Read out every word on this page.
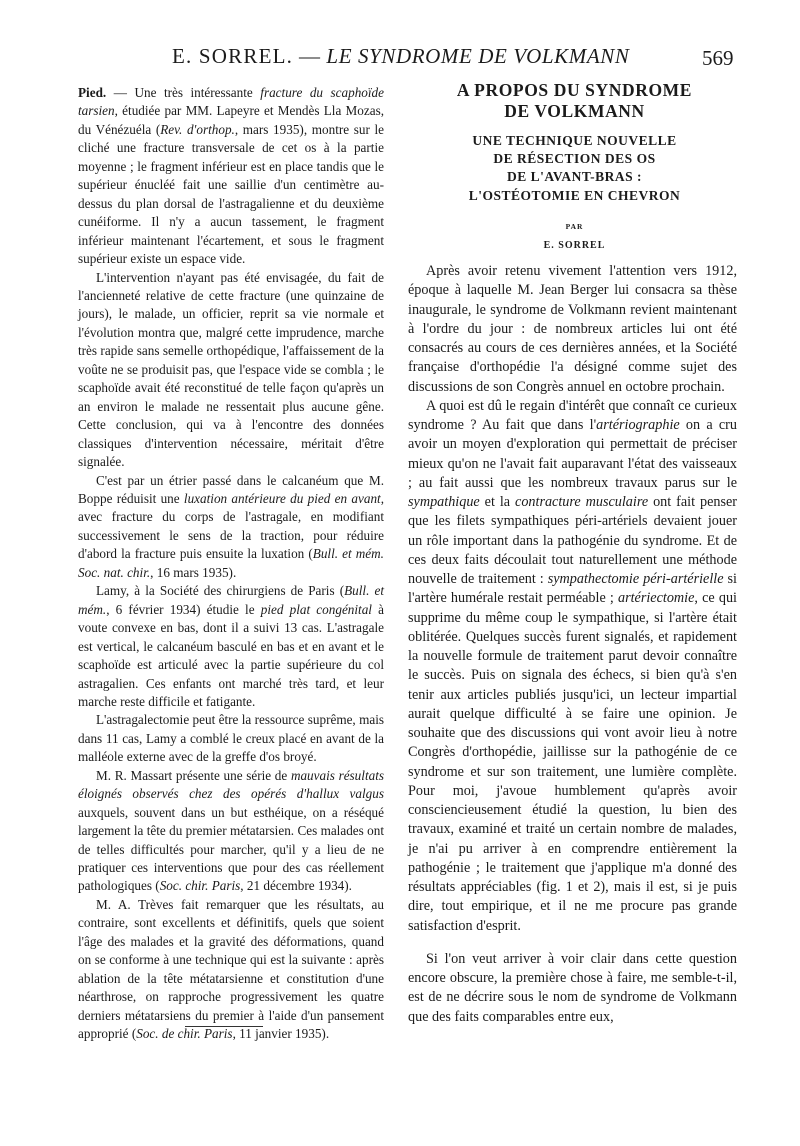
E. SORREL. — LE SYNDROME DE VOLKMANN	569

Pied. — Une très intéressante fracture du scaphoïde tarsien, étudiée par MM. Lapeyre et Mendès Lla Mozas, du Vénézuéla (Rev. d'orthop., mars 1935), montre sur le cliché une fracture transversale de cet os à la partie moyenne ; le fragment inférieur est en place tandis que le supérieur énucléé fait une saillie d'un centimètre au-dessus du plan dorsal de l'astragalienne et du deuxième cunéiforme. Il n'y a aucun tassement, le fragment inférieur maintenant l'écartement, et sous le fragment supérieur existe un espace vide.

L'intervention n'ayant pas été envisagée, du fait de l'ancienneté relative de cette fracture (une quinzaine de jours), le malade, un officier, reprit sa vie normale et l'évolution montra que, malgré cette imprudence, marche très rapide sans semelle orthopédique, l'affaissement de la voûte ne se produisit pas, que l'espace vide se combla ; le scaphoïde avait été reconstitué de telle façon qu'après un an environ le malade ne ressentait plus aucune gêne. Cette conclusion, qui va à l'encontre des données classiques d'intervention nécessaire, méritait d'être signalée.

C'est par un étrier passé dans le calcanéum que M. Boppe réduisit une luxation antérieure du pied en avant, avec fracture du corps de l'astragale, en modifiant successivement le sens de la traction, pour réduire d'abord la fracture puis ensuite la luxation (Bull. et mém. Soc. nat. chir., 16 mars 1935).

Lamy, à la Société des chirurgiens de Paris (Bull. et mém., 6 février 1934) étudie le pied plat congénital à voute convexe en bas, dont il a suivi 13 cas. L'astragale est vertical, le calcanéum basculé en bas et en avant et le scaphoïde est articulé avec la partie supérieure du col astragalien. Ces enfants ont marché très tard, et leur marche reste difficile et fatigante.

L'astragalectomie peut être la ressource suprême, mais dans 11 cas, Lamy a comblé le creux placé en avant de la malléole externe avec de la greffe d'os broyé.

M. R. Massart présente une série de mauvais résultats éloignés observés chez des opérés d'hallux valgus auxquels, souvent dans un but esthéique, on a réséqué largement la tête du premier métatarsien. Ces malades ont de telles difficultés pour marcher, qu'il y a lieu de ne pratiquer ces interventions que pour des cas réellement pathologiques (Soc. chir. Paris, 21 décembre 1934).

M. A. Trèves fait remarquer que les résultats, au contraire, sont excellents et définitifs, quels que soient l'âge des malades et la gravité des déformations, quand on se conforme à une technique qui est la suivante : après ablation de la tête métatarsienne et constitution d'une néarthrose, on rapproche progressivement les quatre derniers métatarsiens du premier à l'aide d'un pansement approprié (Soc. de chir. Paris, 11 janvier 1935).

A PROPOS DU SYNDROME
DE VOLKMANN

UNE TECHNIQUE NOUVELLE
DE RÉSECTION DES OS
DE L'AVANT-BRAS :
L'OSTÉOTOMIE EN CHEVRON

PAR

E. SORREL

Après avoir retenu vivement l'attention vers 1912, époque à laquelle M. Jean Berger lui consacra sa thèse inaugurale, le syndrome de Volkmann revient maintenant à l'ordre du jour : de nombreux articles lui ont été consacrés au cours de ces dernières années, et la Société française d'orthopédie l'a désigné comme sujet des discussions de son Congrès annuel en octobre prochain.

A quoi est dû le regain d'intérêt que connaît ce curieux syndrome ? Au fait que dans l'artériographie on a cru avoir un moyen d'exploration qui permettait de préciser mieux qu'on ne l'avait fait auparavant l'état des vaisseaux ; au fait aussi que les nombreux travaux parus sur le sympathique et la contracture musculaire ont fait penser que les filets sympathiques péri-artériels devaient jouer un rôle important dans la pathogénie du syndrome. Et de ces deux faits découlait tout naturellement une méthode nouvelle de traitement : sympathectomie péri-artérielle si l'artère humérale restait perméable ; artériectomie, ce qui supprime du même coup le sympathique, si l'artère était oblitérée. Quelques succès furent signalés, et rapidement la nouvelle formule de traitement parut devoir connaître le succès. Puis on signala des échecs, si bien qu'à s'en tenir aux articles publiés jusqu'ici, un lecteur impartial aurait quelque difficulté à se faire une opinion. Je souhaite que des discussions qui vont avoir lieu à notre Congrès d'orthopédie, jaillisse sur la pathogénie de ce syndrome et sur son traitement, une lumière complète. Pour moi, j'avoue humblement qu'après avoir consciencieusement étudié la question, lu bien des travaux, examiné et traité un certain nombre de malades, je n'ai pu arriver à en comprendre entièrement la pathogénie ; le traitement que j'applique m'a donné des résultats appréciables (fig. 1 et 2), mais il est, si je puis dire, tout empirique, et il ne me procure pas grande satisfaction d'esprit.

Si l'on veut arriver à voir clair dans cette question encore obscure, la première chose à faire, me semble-t-il, est de ne décrire sous le nom de syndrome de Volkmann que des faits comparables entre eux,
